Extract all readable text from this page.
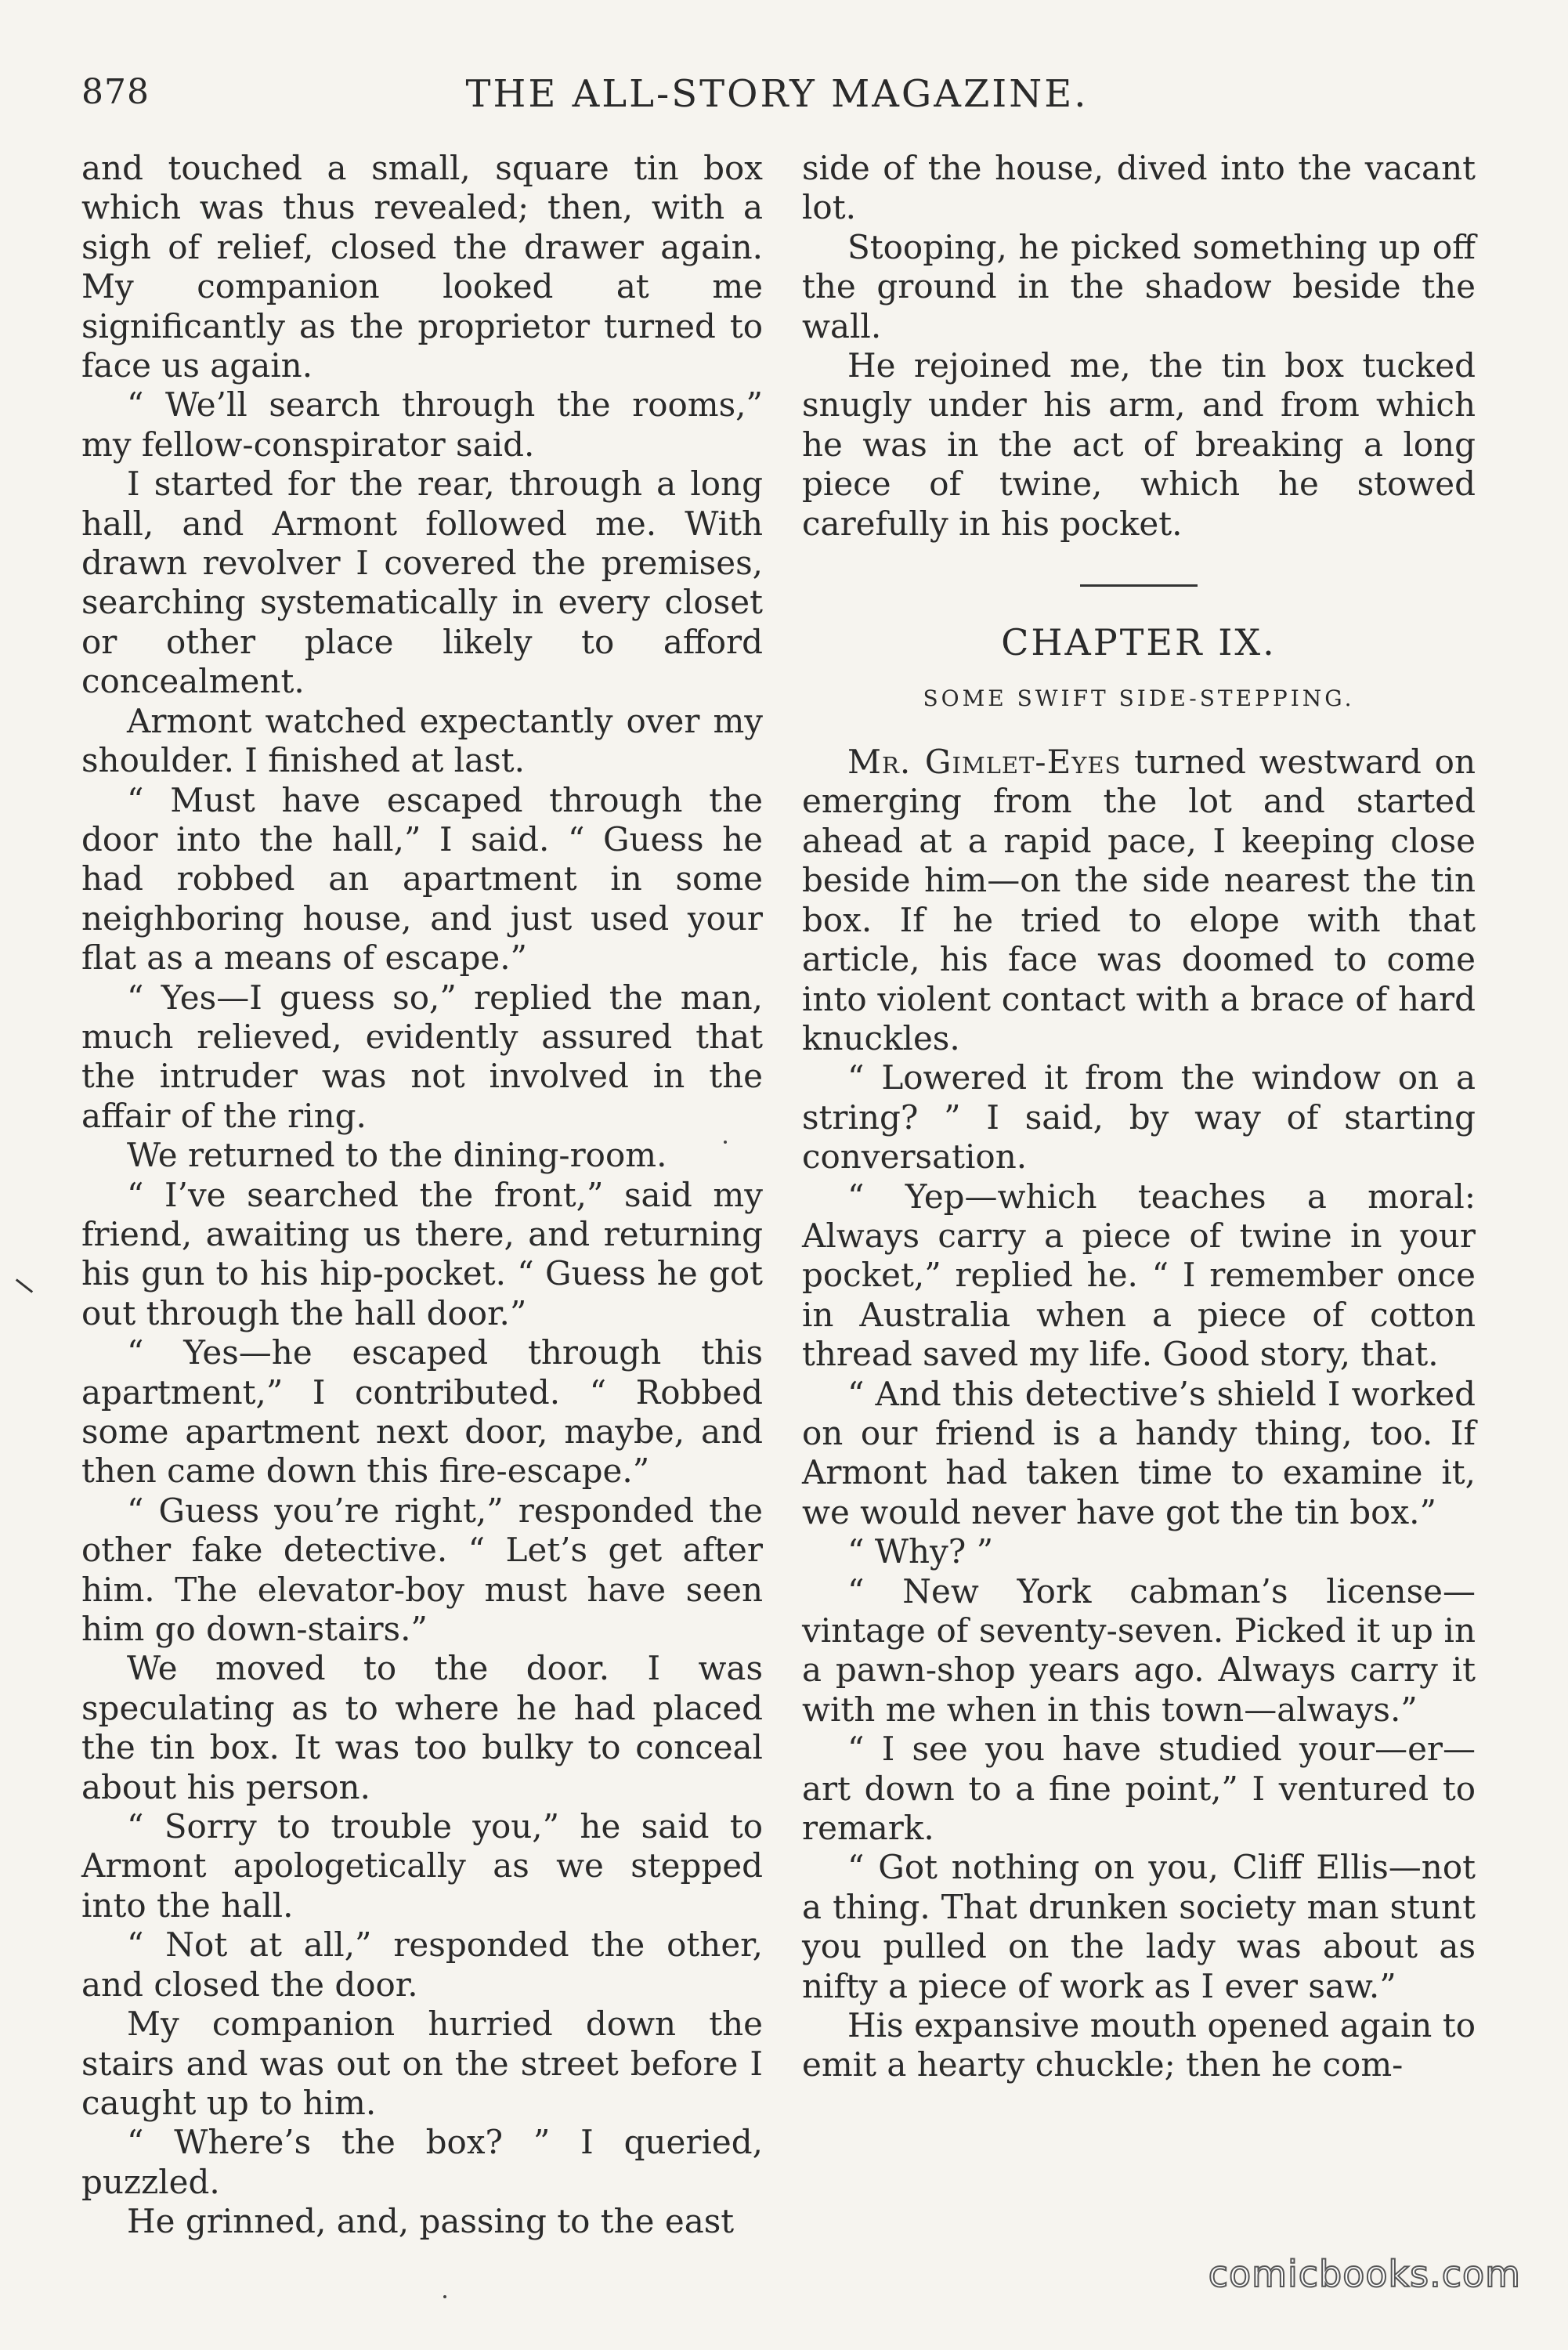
878	THE ALL-STORY MAGAZINE.

and touched a small, square tin box which was thus revealed; then, with a sigh of relief, closed the drawer again. My companion looked at me significantly as the proprietor turned to face us again.

“ We’ll search through the rooms,” my fellow-conspirator said.

I started for the rear, through a long hall, and Armont followed me. With drawn revolver I covered the premises, searching systematically in every closet or other place likely to afford concealment.

Armont watched expectantly over my shoulder. I finished at last.

“ Must have escaped through the door into the hall,” I said. “ Guess he had robbed an apartment in some neighboring house, and just used your flat as a means of escape.”

“ Yes—I guess so,” replied the man, much relieved, evidently assured that the intruder was not involved in the affair of the ring.

We returned to the dining-room.

“ I’ve searched the front,” said my friend, awaiting us there, and returning his gun to his hip-pocket. “ Guess he got out through the hall door.”

“ Yes—he escaped through this apartment,” I contributed. “ Robbed some apartment next door, maybe, and then came down this fire-escape.”

“ Guess you’re right,” responded the other fake detective. “ Let’s get after him. The elevator-boy must have seen him go down-stairs.”

We moved to the door. I was speculating as to where he had placed the tin box. It was too bulky to conceal about his person.

“ Sorry to trouble you,” he said to Armont apologetically as we stepped into the hall.

“ Not at all,” responded the other, and closed the door.

My companion hurried down the stairs and was out on the street before I caught up to him.

“ Where’s the box? ” I queried, puzzled.

He grinned, and, passing to the east

side of the house, dived into the vacant lot.

Stooping, he picked something up off the ground in the shadow beside the wall.

He rejoined me, the tin box tucked snugly under his arm, and from which he was in the act of breaking a long piece of twine, which he stowed carefully in his pocket.

CHAPTER IX.
SOME SWIFT SIDE-STEPPING.

Mr. Gimlet-Eyes turned westward on emerging from the lot and started ahead at a rapid pace, I keeping close beside him—on the side nearest the tin box. If he tried to elope with that article, his face was doomed to come into violent contact with a brace of hard knuckles.

“ Lowered it from the window on a string? ” I said, by way of starting conversation.

“ Yep—which teaches a moral: Always carry a piece of twine in your pocket,” replied he. “ I remember once in Australia when a piece of cotton thread saved my life. Good story, that.

“ And this detective’s shield I worked on our friend is a handy thing, too. If Armont had taken time to examine it, we would never have got the tin box.”

“ Why? ”

“ New York cabman’s license—vintage of seventy-seven. Picked it up in a pawn-shop years ago. Always carry it with me when in this town—always.”

“ I see you have studied your—er—art down to a fine point,” I ventured to remark.

“ Got nothing on you, Cliff Ellis—not a thing. That drunken society man stunt you pulled on the lady was about as nifty a piece of work as I ever saw.”

His expansive mouth opened again to emit a hearty chuckle; then he com-

comicbooks.com
